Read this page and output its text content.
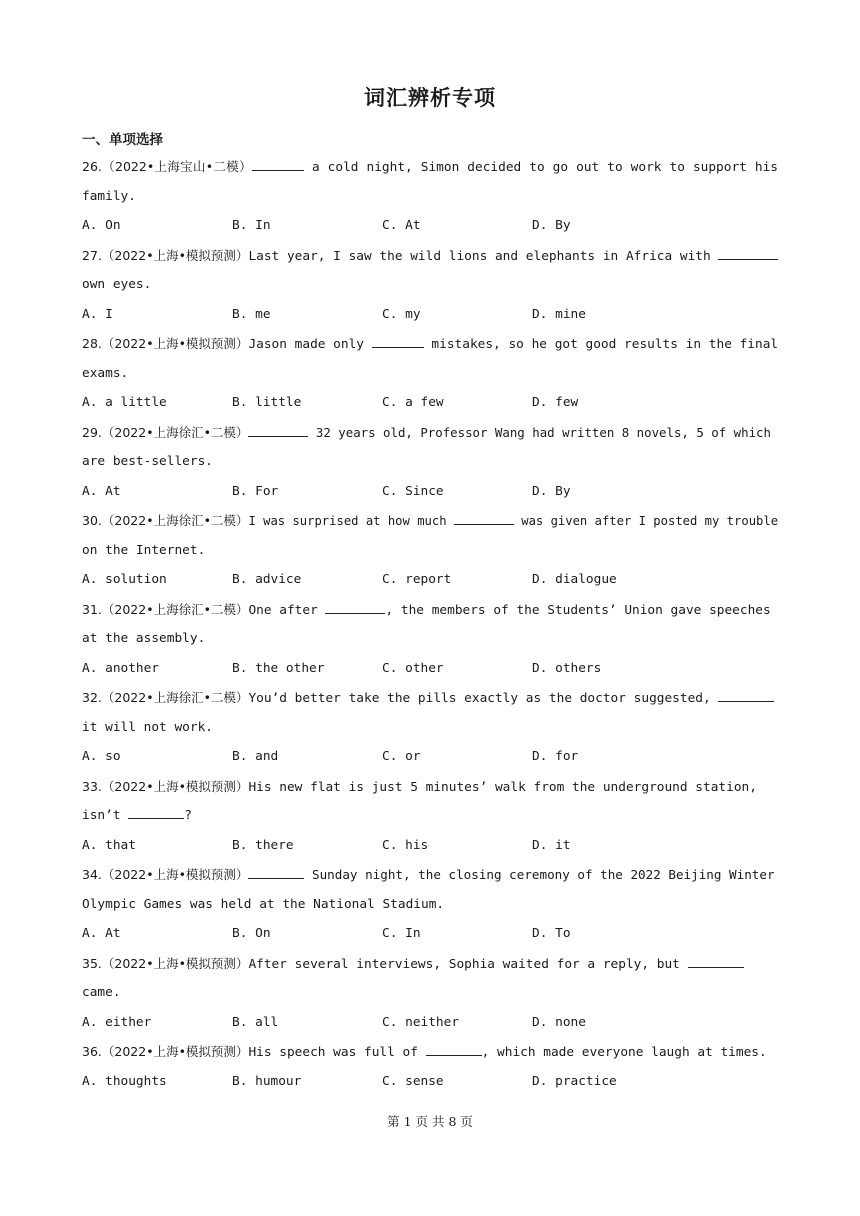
词汇辨析专项
一、单项选择
26.（2022•上海宝山•二模）	a cold night, Simon decided to go out to work to support his
family.
A. On	B. In	C. At	D. By
27.（2022•上海•模拟预测）Last year, I saw the wild lions and elephants in Africa with
own eyes.
A. I	B. me	C. my	D. mine
28.（2022•上海•模拟预测）Jason made only	mistakes, so he got good results in the final
exams.
A. a little	B. little	C. a few	D. few
29.（2022•上海徐汇•二模）	32 years old, Professor Wang had written 8 novels, 5 of which
are best-sellers.
A. At	B. For	C. Since	D. By
30.（2022•上海徐汇•二模）I was surprised at how much	was given after I posted my trouble
on the Internet.
A. solution	B. advice	C. report	D. dialogue
31.（2022•上海徐汇•二模）One after	, the members of the Students’ Union gave speeches
at the assembly.
A. another	B. the other	C. other	D. others
32.（2022•上海徐汇•二模）You’d better take the pills exactly as the doctor suggested,
it will not work.
A. so	B. and	C. or	D. for
33.（2022•上海•模拟预测）His new flat is just 5 minutes’ walk from the underground station,
isn’t	?
A. that	B. there	C. his	D. it
34.（2022•上海•模拟预测）	Sunday night, the closing ceremony of the 2022 Beijing Winter
Olympic Games was held at the National Stadium.
A. At	B. On	C. In	D. To
35.（2022•上海•模拟预测）After several interviews, Sophia waited for a reply, but
came.
A. either	B. all	C. neither	D. none
36.（2022•上海•模拟预测）His speech was full of	, which made everyone laugh at times.
A. thoughts	B. humour	C. sense	D. practice
第 1 页 共 8 页
